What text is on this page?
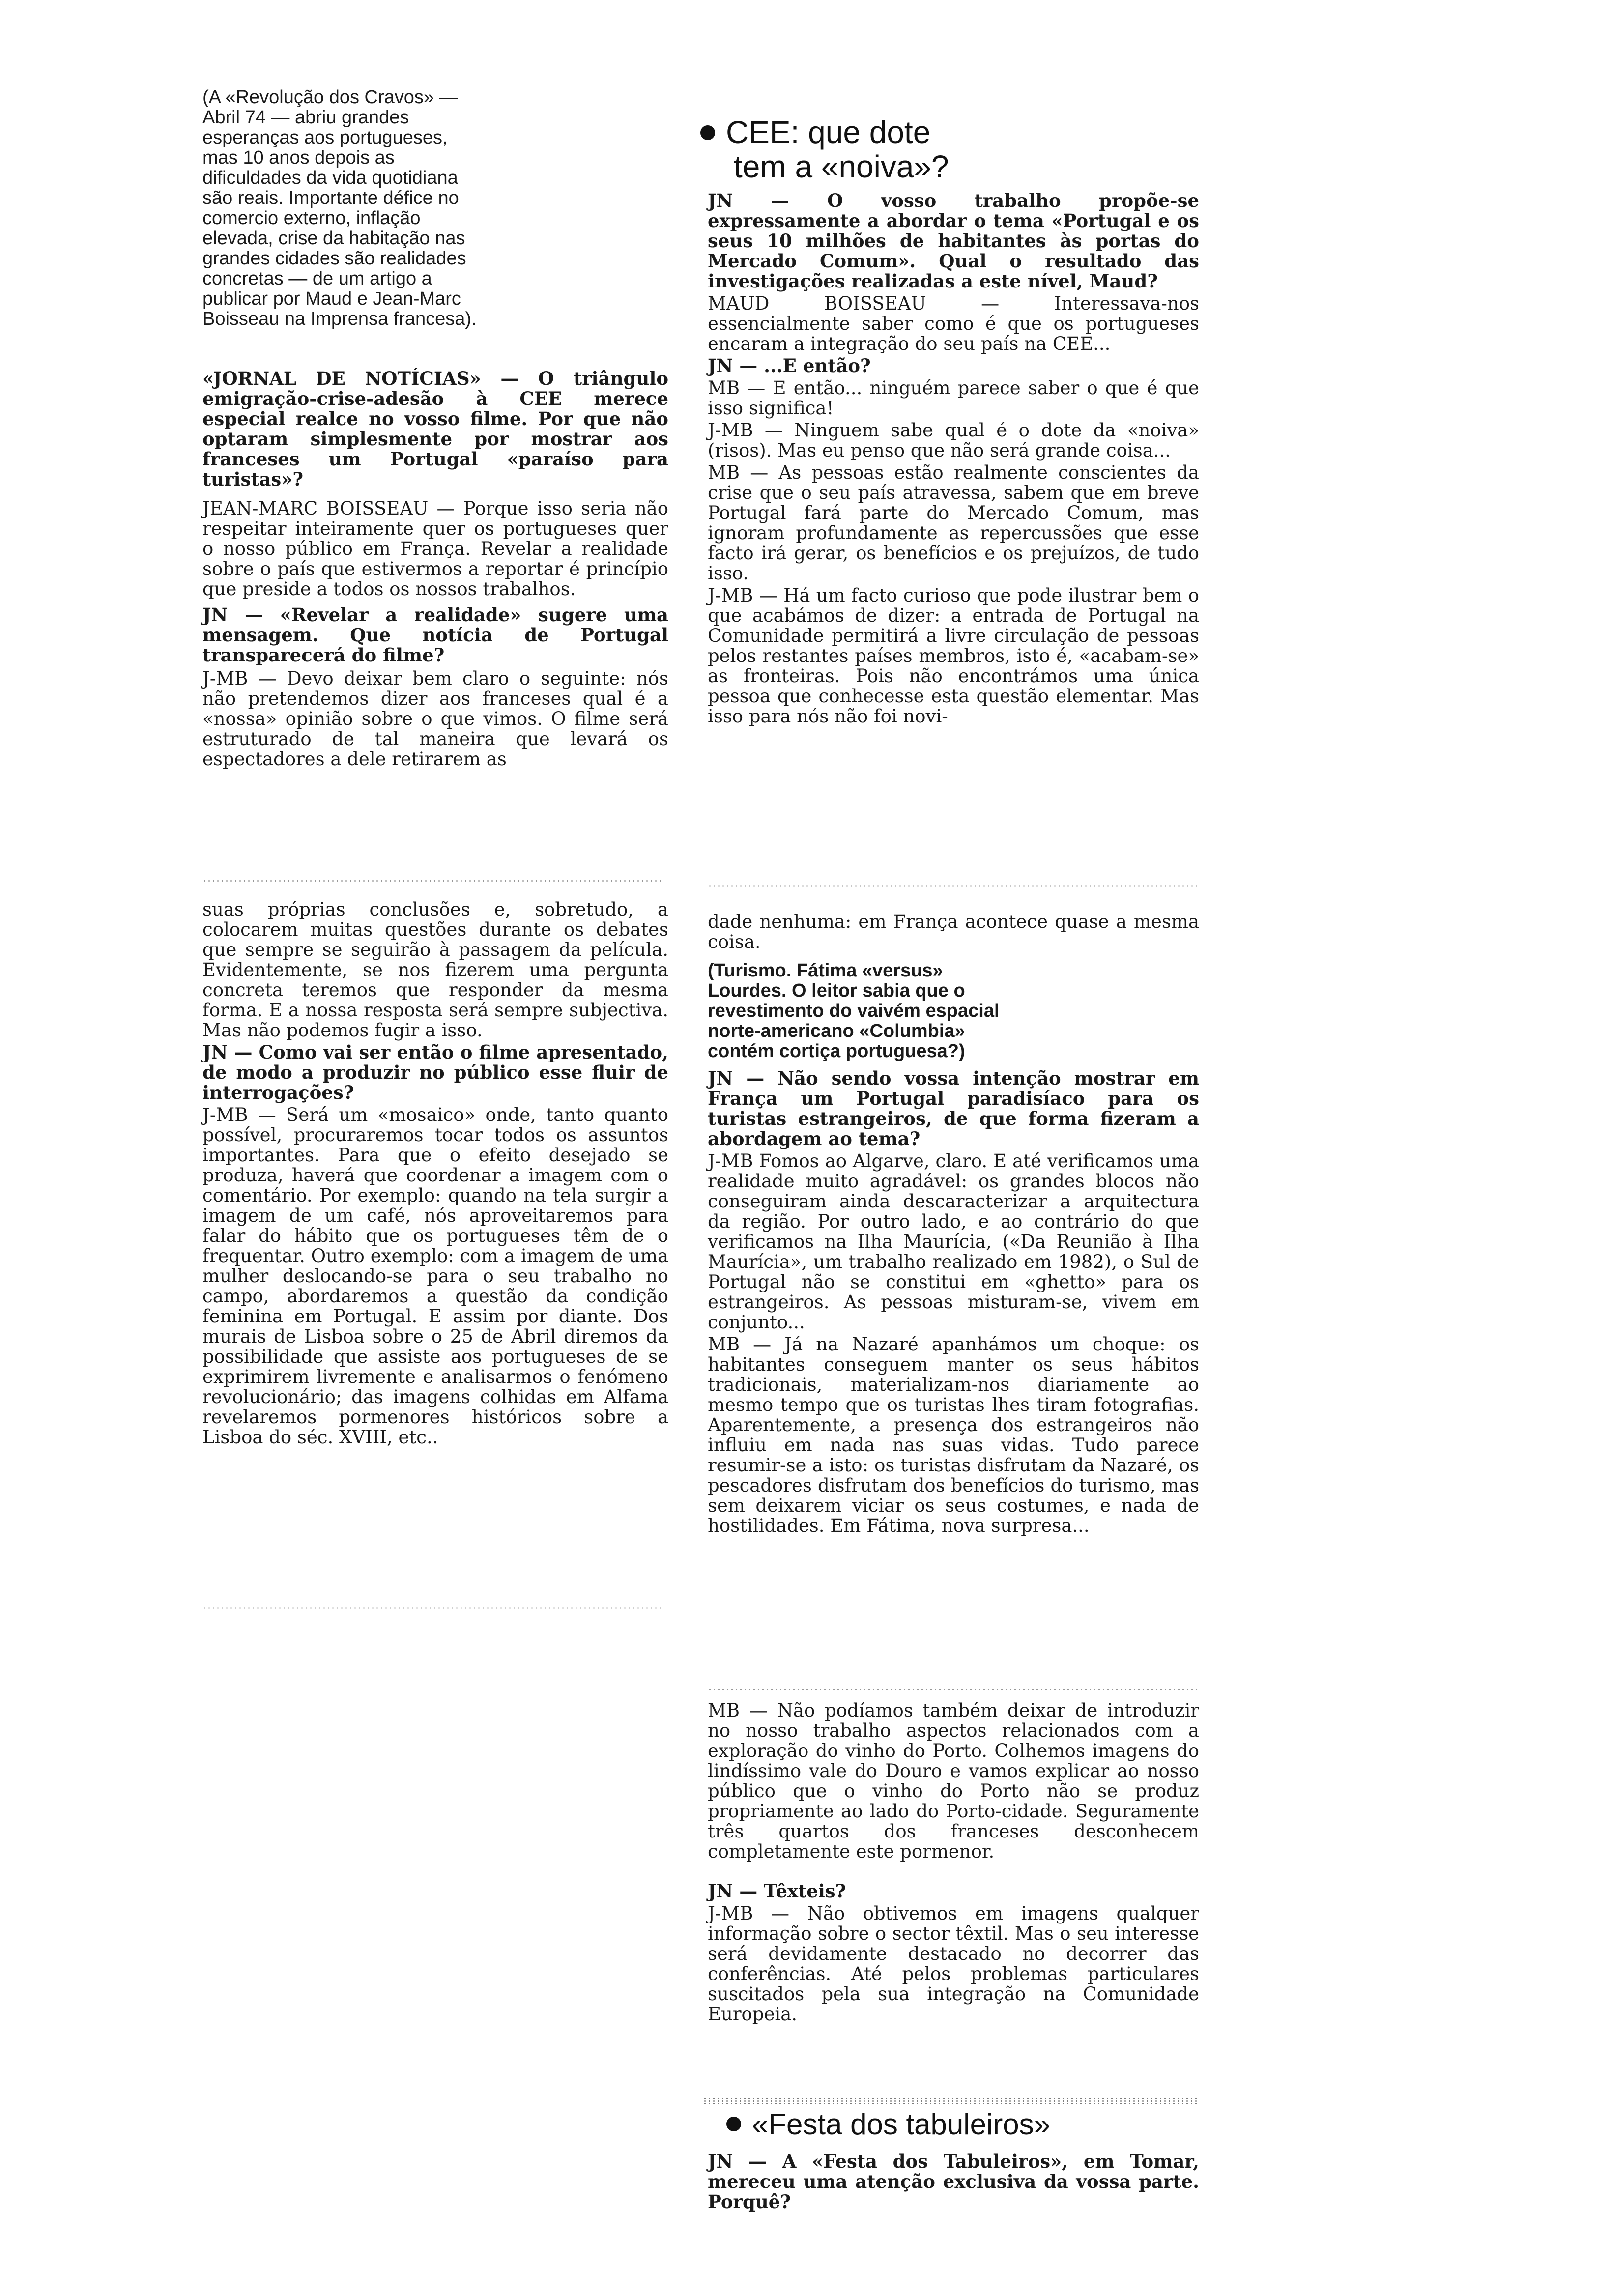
(A «Revolução dos Cravos» — Abril 74 — abriu grandes esperanças aos portugueses, mas 10 anos depois as dificuldades da vida quotidiana são reais. Importante défice no comercio externo, inflação elevada, crise da habitação nas grandes cidades são realidades concretas — de um artigo a publicar por Maud e Jean-Marc Boisseau na Imprensa francesa).

«JORNAL DE NOTÍCIAS» — O triângulo emigração-crise-adesão à CEE merece especial realce no vosso filme. Por que não optaram simplesmente por mostrar aos franceses um Portugal «paraíso para turistas»?

JEAN-MARC BOISSEAU — Porque isso seria não respeitar inteiramente quer os portugueses quer o nosso público em França. Revelar a realidade sobre o país que estivermos a reportar é princípio que preside a todos os nossos trabalhos.

JN — «Revelar a realidade» sugere uma mensagem. Que notícia de Portugal transparecerá do filme?

J-MB — Devo deixar bem claro o seguinte: nós não pretendemos dizer aos franceses qual é a «nossa» opinião sobre o que vimos. O filme será estruturado de tal maneira que levará os espectadores a dele retirarem as

suas próprias conclusões e, sobretudo, a colocarem muitas questões durante os debates que sempre se seguirão à passagem da película. Evidentemente, se nos fizerem uma pergunta concreta teremos que responder da mesma forma. E a nossa resposta será sempre subjectiva. Mas não podemos fugir a isso.

JN — Como vai ser então o filme apresentado, de modo a produzir no público esse fluir de interrogações?

J-MB — Será um «mosaico» onde, tanto quanto possível, procuraremos tocar todos os assuntos importantes. Para que o efeito desejado se produza, haverá que coordenar a imagem com o comentário. Por exemplo: quando na tela surgir a imagem de um café, nós aproveitaremos para falar do hábito que os portugueses têm de o frequentar. Outro exemplo: com a imagem de uma mulher deslocando-se para o seu trabalho no campo, abordaremos a questão da condição feminina em Portugal. E assim por diante. Dos murais de Lisboa sobre o 25 de Abril diremos da possibilidade que assiste aos portugueses de se exprimirem livremente e analisarmos o fenómeno revolucionário; das imagens colhidas em Alfama revelaremos pormenores históricos sobre a Lisboa do séc. XVIII, etc..

CEE: que dote
tem a «noiva»?

JN — O vosso trabalho propõe-se expressamente a abordar o tema «Portugal e os seus 10 milhões de habitantes às portas do Mercado Comum». Qual o resultado das investigações realizadas a este nível, Maud?

MAUD BOISSEAU — Interessava-nos essencialmente saber como é que os portugueses encaram a integração do seu país na CEE...

JN — ...E então?

MB — E então... ninguém parece saber o que é que isso significa!

J-MB — Ninguem sabe qual é o dote da «noiva» (risos). Mas eu penso que não será grande coisa...

MB — As pessoas estão realmente conscientes da crise que o seu país atravessa, sabem que em breve Portugal fará parte do Mercado Comum, mas ignoram profundamente as repercussões que esse facto irá gerar, os benefícios e os prejuízos, de tudo isso.

J-MB — Há um facto curioso que pode ilustrar bem o que acabámos de dizer: a entrada de Portugal na Comunidade permitirá a livre circulação de pessoas pelos restantes países membros, isto é, «acabam-se» as fronteiras. Pois não encontrámos uma única pessoa que conhecesse esta questão elementar. Mas isso para nós não foi novi-

dade nenhuma: em França acontece quase a mesma coisa.

(Turismo. Fátima «versus» Lourdes. O leitor sabia que o revestimento do vaivém espacial norte-americano «Columbia» contém cortiça portuguesa?)

JN — Não sendo vossa intenção mostrar em França um Portugal paradisíaco para os turistas estrangeiros, de que forma fizeram a abordagem ao tema?

J-MB Fomos ao Algarve, claro. E até verificamos uma realidade muito agradável: os grandes blocos não conseguiram ainda descaracterizar a arquitectura da região. Por outro lado, e ao contrário do que verificamos na Ilha Maurícia, («Da Reunião à Ilha Maurícia», um trabalho realizado em 1982), o Sul de Portugal não se constitui em «ghetto» para os estrangeiros. As pessoas misturam-se, vivem em conjunto...

MB — Já na Nazaré apanhámos um choque: os habitantes conseguem manter os seus hábitos tradicionais, materializam-nos diariamente ao mesmo tempo que os turistas lhes tiram fotografias. Aparentemente, a presença dos estrangeiros não influiu em nada nas suas vidas. Tudo parece resumir-se a isto: os turistas disfrutam da Nazaré, os pescadores disfrutam dos benefícios do turismo, mas sem deixarem viciar os seus costumes, e nada de hostilidades. Em Fátima, nova surpresa...

MB — Não podíamos também deixar de introduzir no nosso trabalho aspectos relacionados com a exploração do vinho do Porto. Colhemos imagens do lindíssimo vale do Douro e vamos explicar ao nosso público que o vinho do Porto não se produz propriamente ao lado do Porto-cidade. Seguramente três quartos dos franceses desconhecem completamente este pormenor.

JN — Têxteis?

J-MB — Não obtivemos em imagens qualquer informação sobre o sector têxtil. Mas o seu interesse será devidamente destacado no decorrer das conferências. Até pelos problemas particulares suscitados pela sua integração na Comunidade Europeia.

«Festa dos tabuleiros»

JN — A «Festa dos Tabuleiros», em Tomar, mereceu uma atenção exclusiva da vossa parte. Porquê?
